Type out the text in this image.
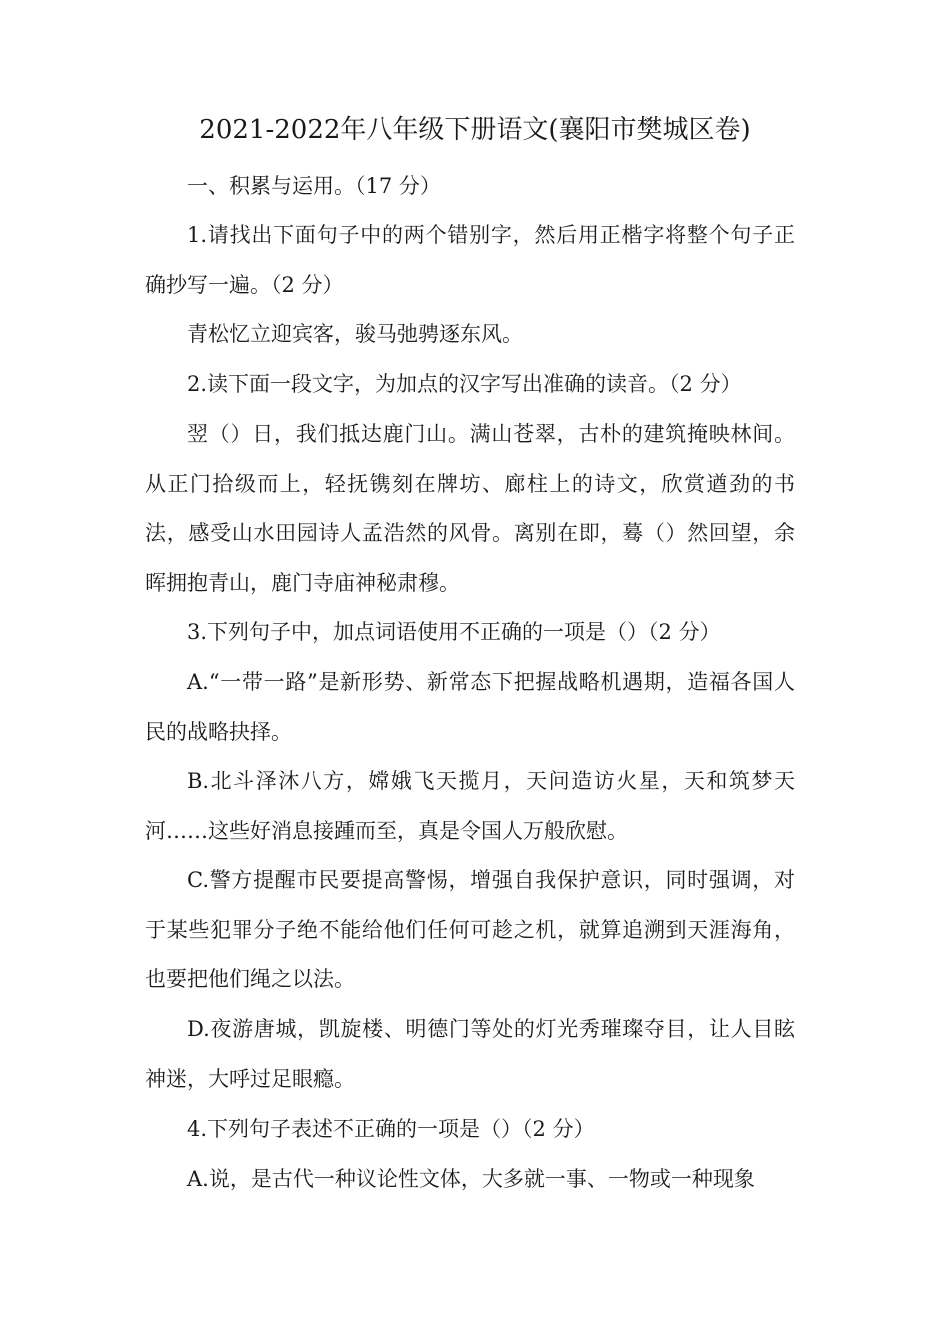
2021-2022年八年级下册语文(襄阳市樊城区卷)
一、积累与运用。（17 分）
1.请找出下面句子中的两个错别字，然后用正楷字将整个句子正确抄写一遍。（2 分）
青松忆立迎宾客，骏马弛骋逐东风。
2.读下面一段文字，为加点的汉字写出准确的读音。（2 分）
翌（）日，我们抵达鹿门山。满山苍翠，古朴的建筑掩映林间。从正门拾级而上，轻抚镌刻在牌坊、廊柱上的诗文，欣赏遒劲的书法，感受山水田园诗人孟浩然的风骨。离别在即，蓦（）然回望，余晖拥抱青山，鹿门寺庙神秘肃穆。
3.下列句子中，加点词语使用不正确的一项是（）（2 分）
A.“一带一路”是新形势、新常态下把握战略机遇期，造福各国人民的战略抉择。
B.北斗泽沐八方，嫦娥飞天揽月，天问造访火星，天和筑梦天河……这些好消息接踵而至，真是令国人万般欣慰。
C.警方提醒市民要提高警惕，增强自我保护意识，同时强调，对于某些犯罪分子绝不能给他们任何可趁之机，就算追溯到天涯海角，也要把他们绳之以法。
D.夜游唐城，凯旋楼、明德门等处的灯光秀璀璨夺目，让人目眩神迷，大呼过足眼瘾。
4.下列句子表述不正确的一项是（）（2 分）
A.说，是古代一种议论性文体，大多就一事、一物或一种现象
